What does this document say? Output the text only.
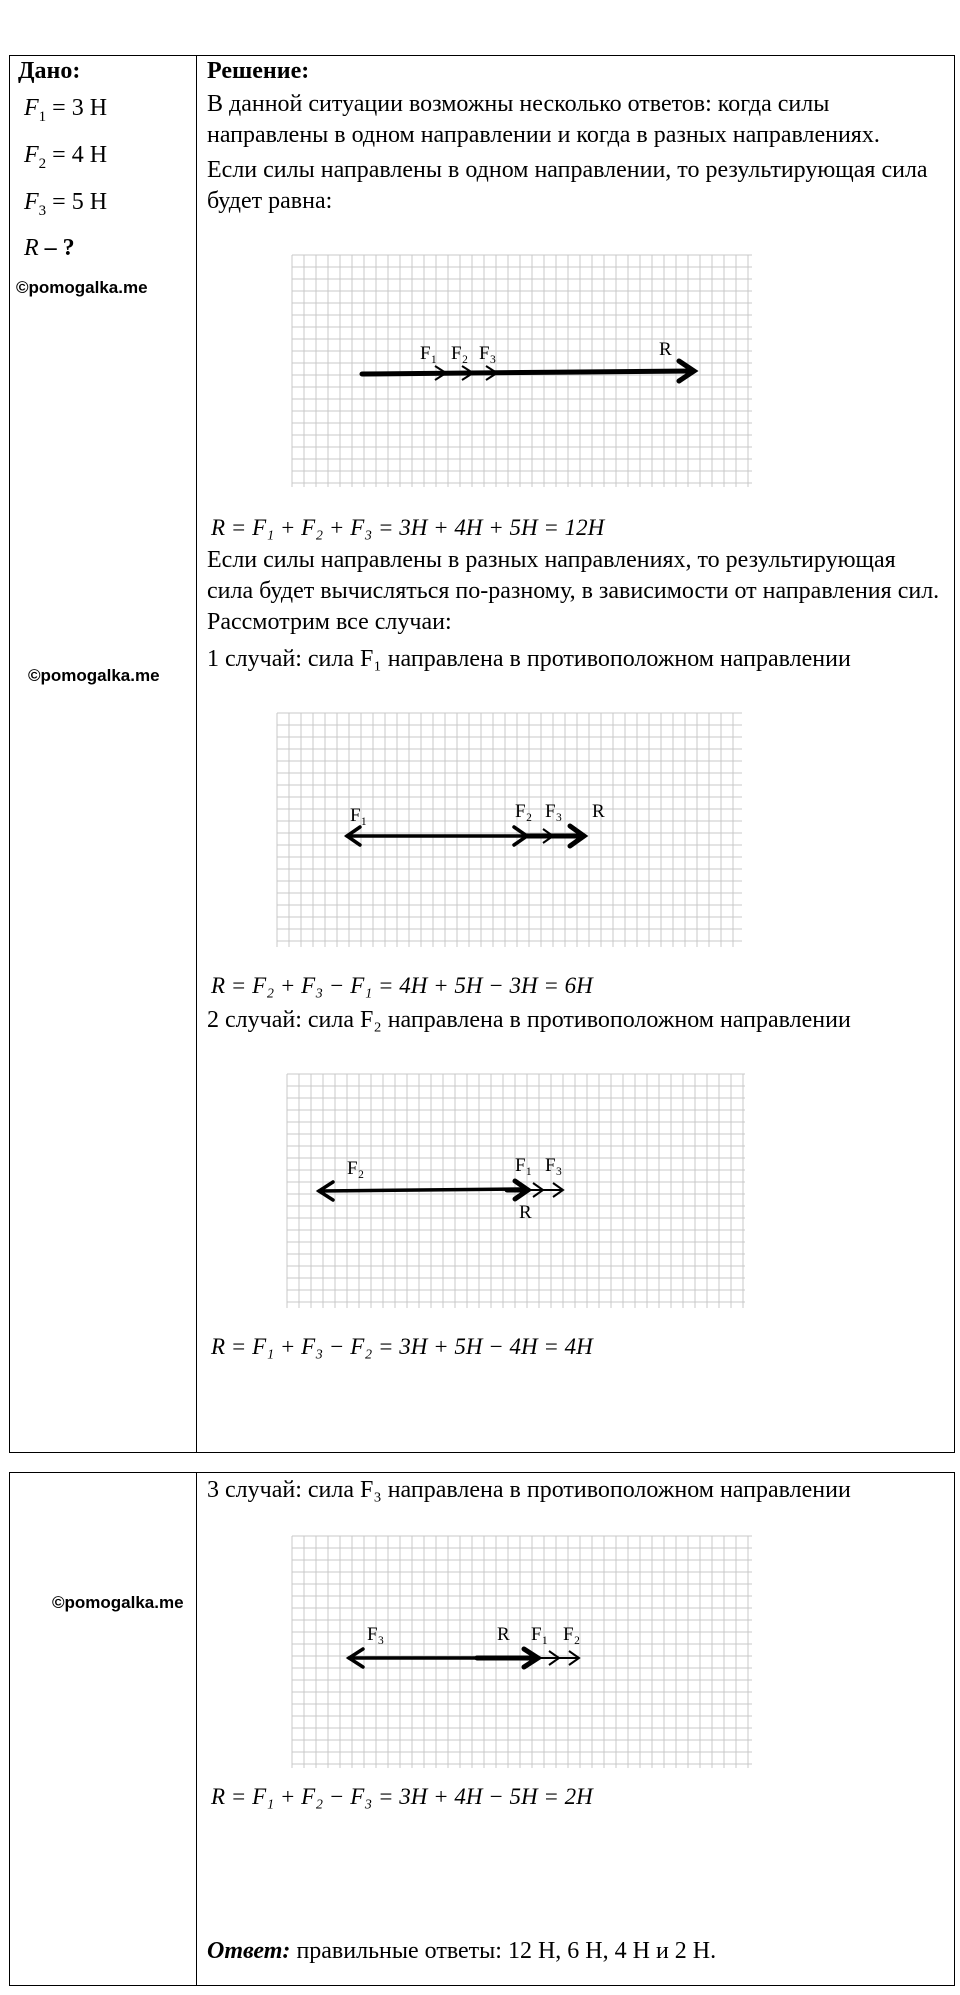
Дано:
$F_1 = 3$ Н
$F_2 = 4$ Н
$F_3 = 5$ Н
R – ?
©pomogalka.me
©pomogalka.me

Решение:
В данной ситуации возможны несколько ответов: когда силы направлены в одном направлении и когда в разных направлениях.
Если силы направлены в одном направлении, то результирующая сила будет равна:
F₁ F₂ F₃	R
R = F₁ + F₂ + F₃ = 3H + 4H + 5H = 12H
Если силы направлены в разных направлениях, то результирующая сила будет вычисляться по-разному, в зависимости от направления сил. Рассмотрим все случаи:
1 случай: сила F₁ направлена в противоположном направлении
F₁	F₂ F₃ R
R = F₂ + F₃ − F₁ = 4H + 5H − 3H = 6H
2 случай: сила F₂ направлена в противоположном направлении
F₂	F₁ F₃
R
R = F₁ + F₃ − F₂ = 3H + 5H − 4H = 4H
©pomogalka.me

3 случай: сила F₃ направлена в противоположном направлении
F₃	R F₁ F₂
R = F₁ + F₂ − F₃ = 3H + 4H − 5H = 2H
Ответ: правильные ответы: 12 Н, 6 Н, 4 Н и 2 Н.
